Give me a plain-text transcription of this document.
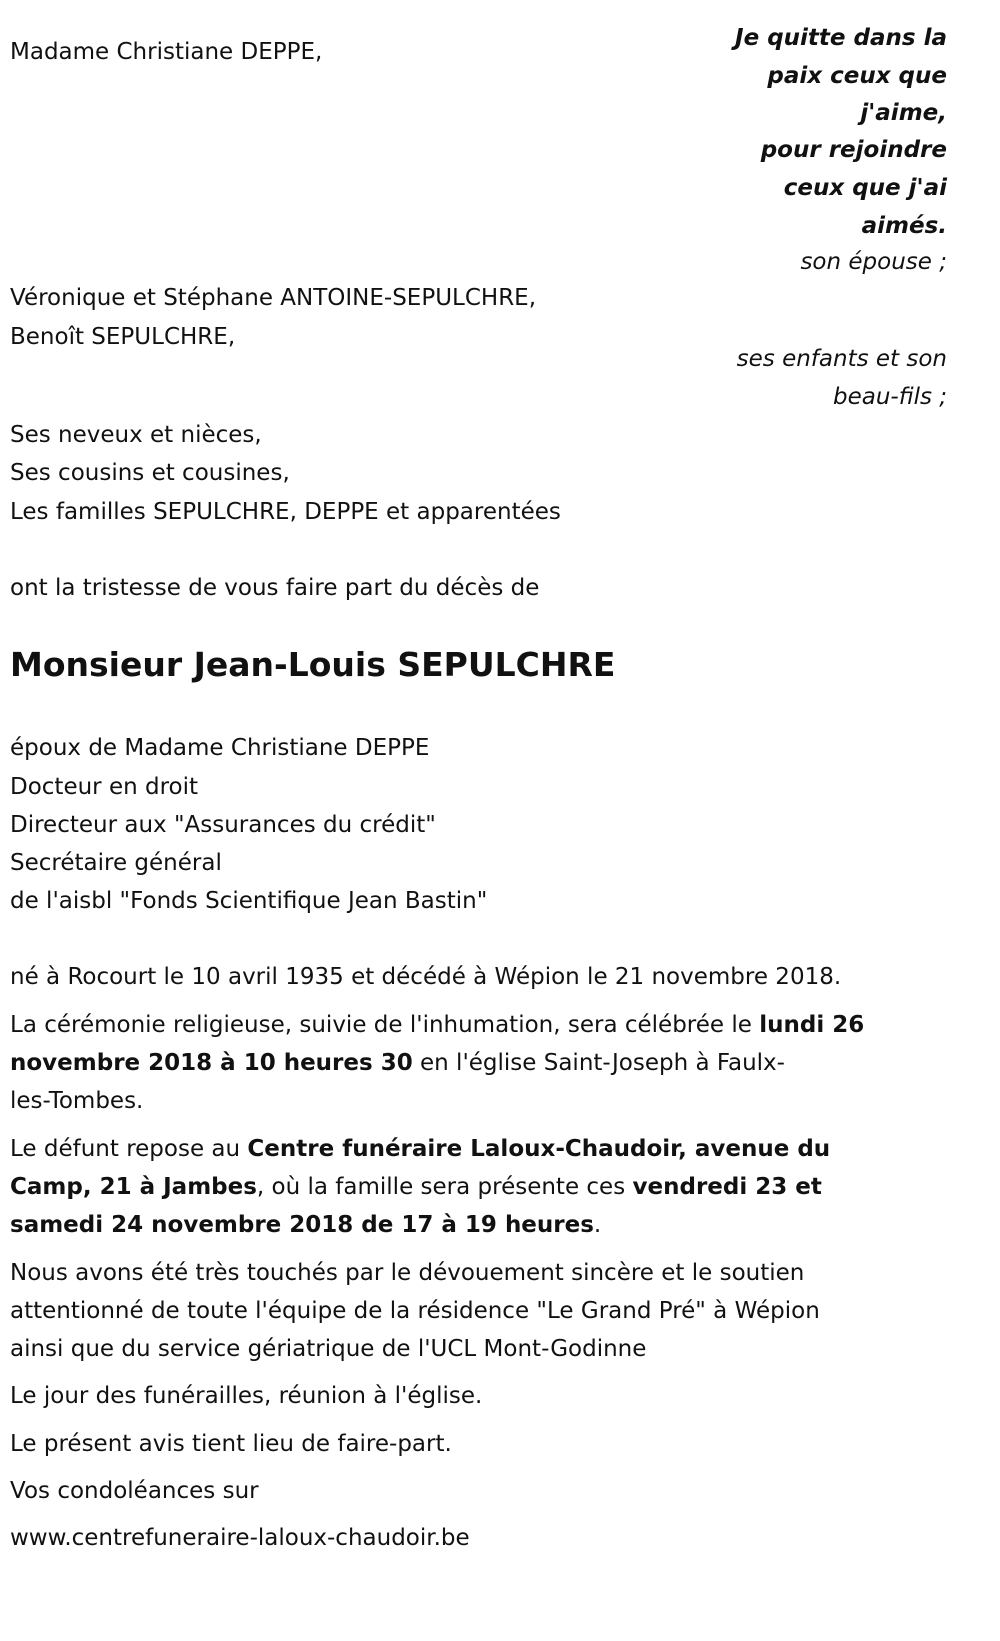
Je quitte dans la
paix ceux que
j'aime,
pour rejoindre
ceux que j'ai
aimés.
son épouse ;
ses enfants et son
beau-fils ;
Madame Christiane DEPPE,
Véronique et Stéphane ANTOINE-SEPULCHRE,
Benoît SEPULCHRE,
Ses neveux et nièces,
Ses cousins et cousines,
Les familles SEPULCHRE, DEPPE et apparentées
ont la tristesse de vous faire part du décès de
Monsieur Jean-Louis SEPULCHRE
époux de Madame Christiane DEPPE
Docteur en droit
Directeur aux "Assurances du crédit"
Secrétaire général
de l'aisbl "Fonds Scientifique Jean Bastin"
né à Rocourt le 10 avril 1935 et décédé à Wépion le 21 novembre 2018.
La cérémonie religieuse, suivie de l'inhumation, sera célébrée le lundi 26
novembre 2018 à 10 heures 30 en l'église Saint-Joseph à Faulx-
les-Tombes.
Le défunt repose au Centre funéraire Laloux-Chaudoir, avenue du
Camp, 21 à Jambes, où la famille sera présente ces vendredi 23 et
samedi 24 novembre 2018 de 17 à 19 heures.
Nous avons été très touchés par le dévouement sincère et le soutien
attentionné de toute l'équipe de la résidence "Le Grand Pré" à Wépion
ainsi que du service gériatrique de l'UCL Mont-Godinne
Le jour des funérailles, réunion à l'église.
Le présent avis tient lieu de faire-part.
Vos condoléances sur
www.centrefuneraire-laloux-chaudoir.be
